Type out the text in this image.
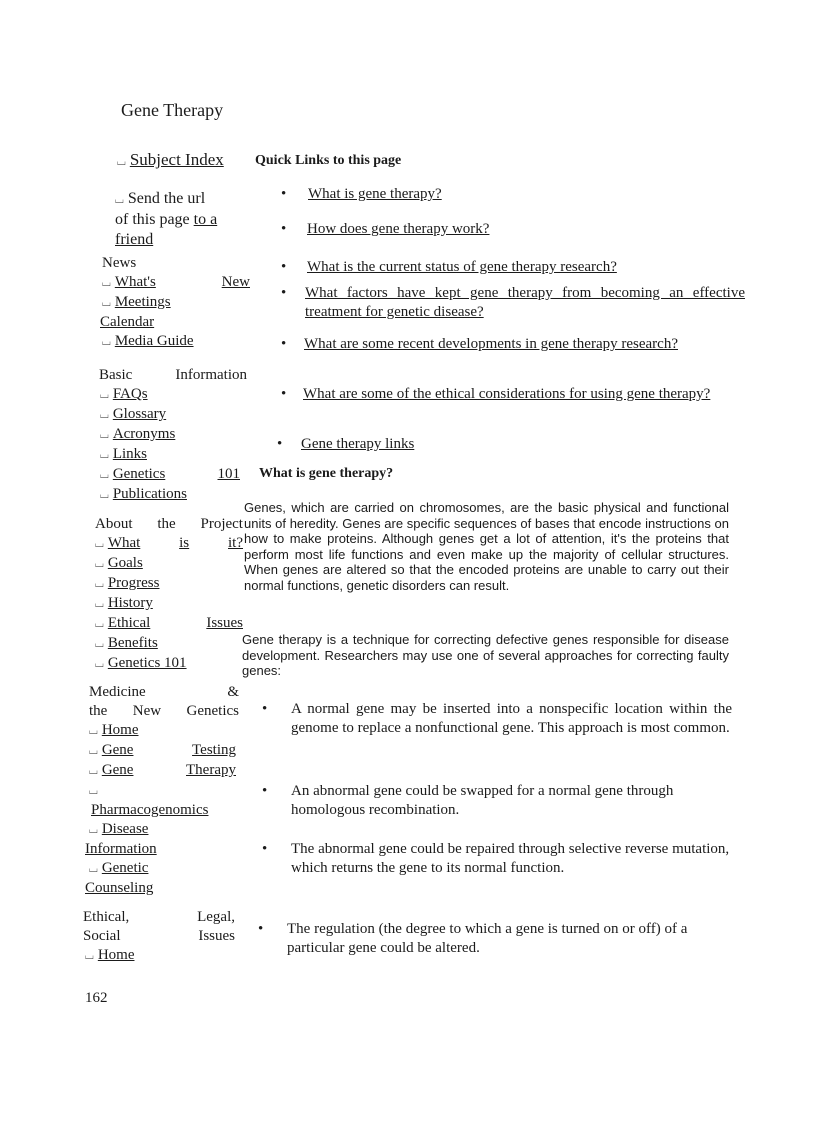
Gene Therapy
⌴ Subject Index Quick Links to this page
⌴ Send the url
of this page to a
friend
News
⌴ What's	New
⌴ Meetings
Calendar
⌴ Media Guide
Basic	Information
⌴ FAQs
⌴ Glossary
⌴ Acronyms
⌴ Links
⌴ Genetics	101
⌴ Publications
About the Project
⌴ What	is	it?
⌴ Goals
⌴ Progress
⌴ History
⌴ Ethical	Issues
⌴ Benefits
⌴ Genetics 101
Medicine	&
the New Genetics
⌴ Home
⌴ Gene	Testing
⌴ Gene	Therapy
⌴
Pharmacogenomics
⌴ Disease
Information
⌴ Genetic
Counseling
Ethical,	Legal,
Social	Issues
⌴ Home
• What is gene therapy?
• How does gene therapy work?
• What is the current status of gene therapy research?
• What factors have kept gene therapy from becoming an effective treatment for genetic disease?
• What are some recent developments in gene therapy research?
• What are some of the ethical considerations for using gene therapy?
• Gene therapy links
What is gene therapy?
Genes, which are carried on chromosomes, are the basic physical and functional units of heredity. Genes are specific sequences of bases that encode instructions on how to make proteins. Although genes get a lot of attention, it's the proteins that perform most life functions and even make up the majority of cellular structures. When genes are altered so that the encoded proteins are unable to carry out their normal functions, genetic disorders can result.
Gene therapy is a technique for correcting defective genes responsible for disease development. Researchers may use one of several approaches for correcting faulty genes:
• A normal gene may be inserted into a nonspecific location within the genome to replace a nonfunctional gene. This approach is most common.
• An abnormal gene could be swapped for a normal gene through homologous recombination.
• The abnormal gene could be repaired through selective reverse mutation, which returns the gene to its normal function.
• The regulation (the degree to which a gene is turned on or off) of a particular gene could be altered.
162
